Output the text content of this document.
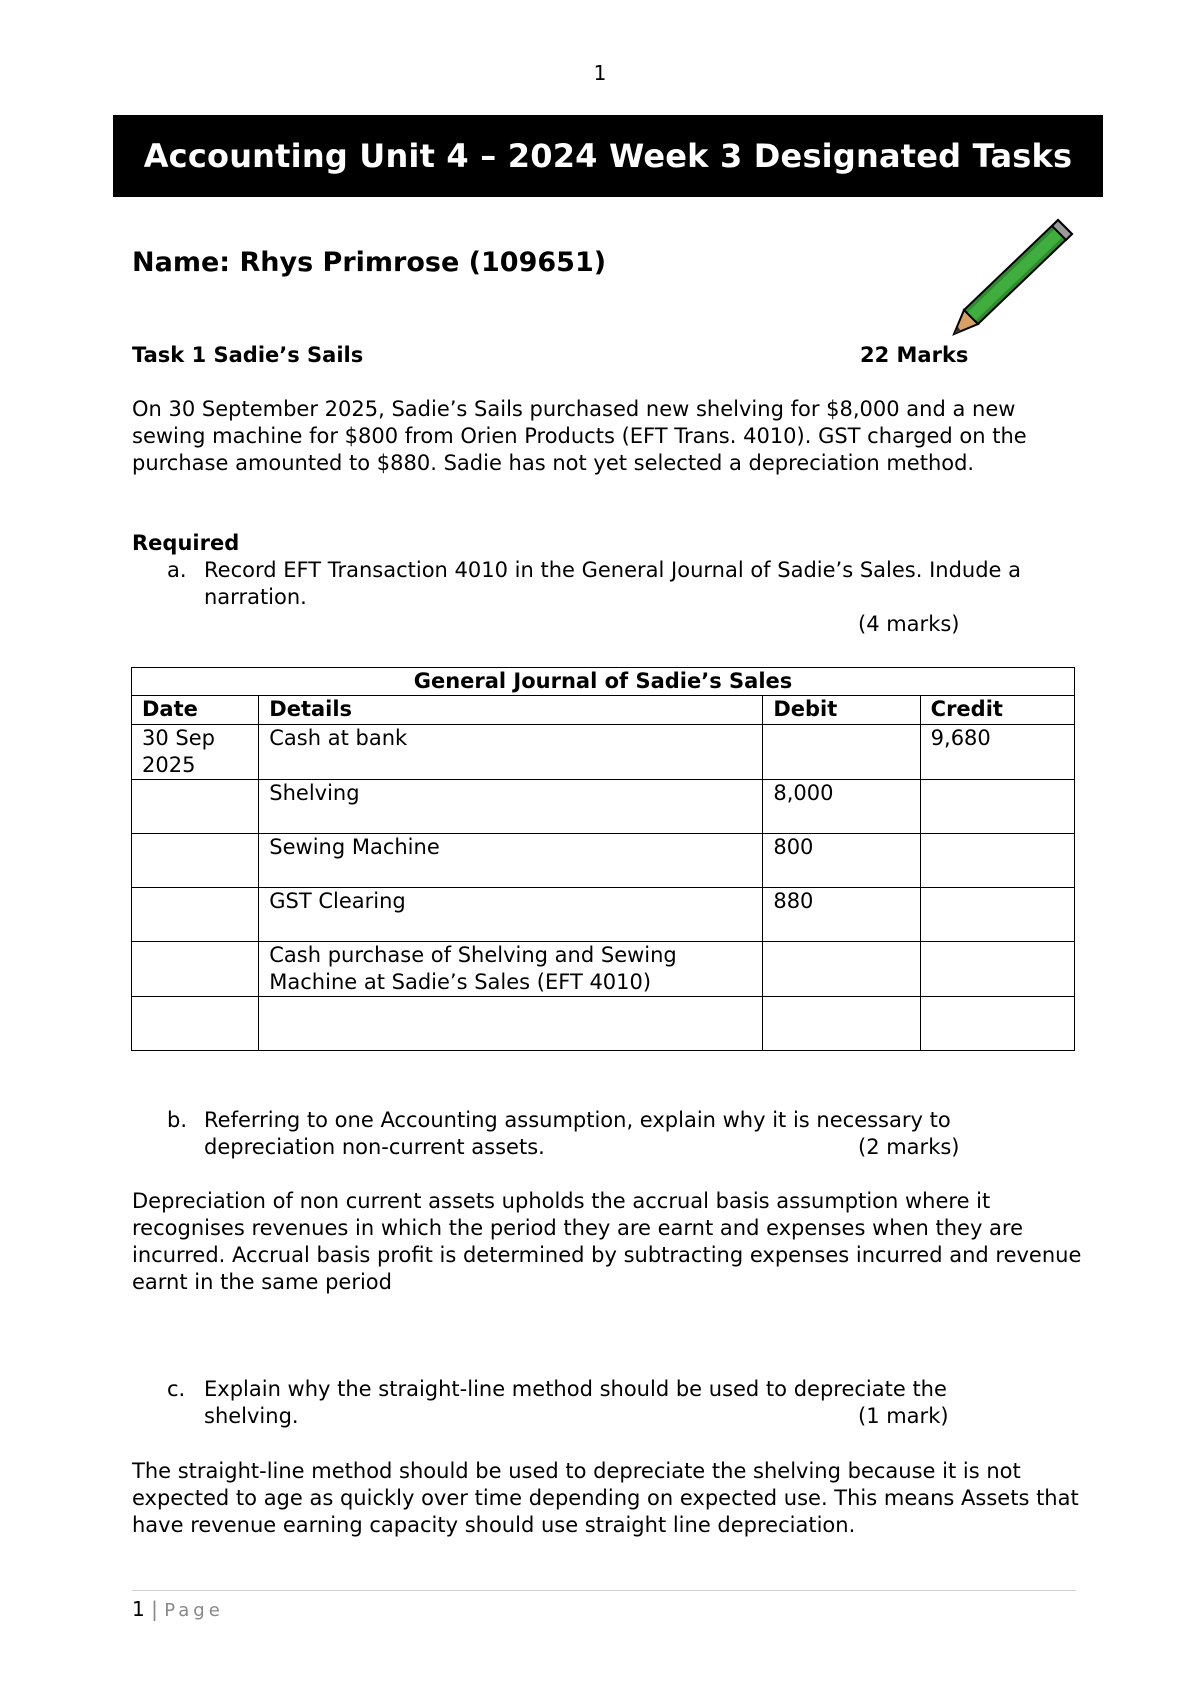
1
Accounting Unit 4 – 2024 Week 3 Designated Tasks
Name: Rhys Primrose (109651)
Task 1 Sadie’s Sails	22 Marks
On 30 September 2025, Sadie’s Sails purchased new shelving for $8,000 and a new sewing machine for $800 from Orien Products (EFT Trans. 4010). GST charged on the purchase amounted to $880. Sadie has not yet selected a depreciation method.
Required
a. Record EFT Transaction 4010 in the General Journal of Sadie’s Sales. Indude a narration.
(4 marks)
General Journal of Sadie’s Sales			
Date	Details	Debit	Credit
30 Sep 2025	Cash at bank		9,680
	Shelving	8,000	
	Sewing Machine	800	
	GST Clearing	880	
	Cash purchase of Shelving and Sewing Machine at Sadie’s Sales (EFT 4010)		

b. Referring to one Accounting assumption, explain why it is necessary to
depreciation non-current assets.	(2 marks)
Depreciation of non current assets upholds the accrual basis assumption where it recognises revenues in which the period they are earnt and expenses when they are incurred. Accrual basis profit is determined by subtracting expenses incurred and revenue earnt in the same period
c. Explain why the straight-line method should be used to depreciate the
shelving.	(1 mark)
The straight-line method should be used to depreciate the shelving because it is not expected to age as quickly over time depending on expected use. This means Assets that have revenue earning capacity should use straight line depreciation.
1 | Page
